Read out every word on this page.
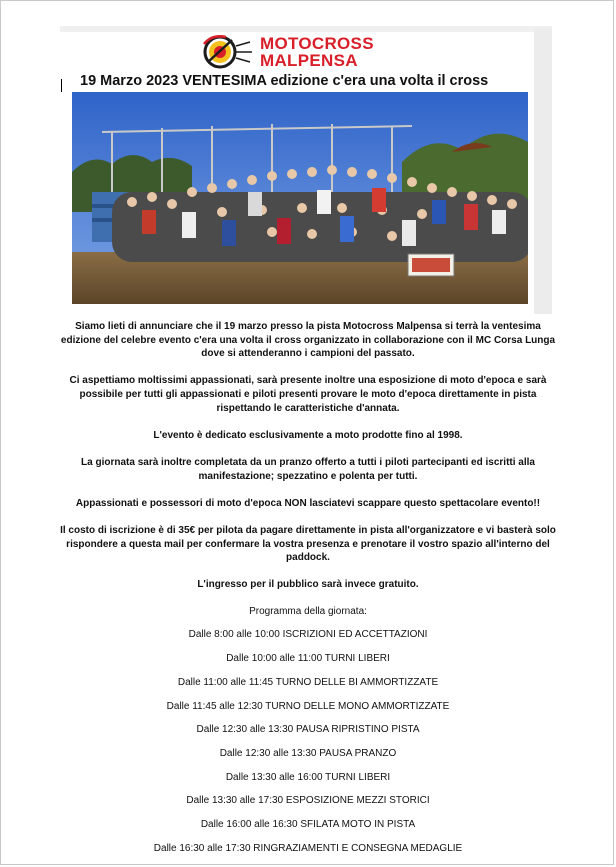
MOTOCROSS
MALPENSA
19 Marzo 2023 VENTESIMA edizione c'era una volta il cross

Siamo lieti di annunciare che il 19 marzo presso la pista Motocross Malpensa si terrà la ventesima edizione del celebre evento c'era una volta il cross organizzato in collaborazione con il MC Corsa Lunga dove si attenderanno i campioni del passato.

Ci aspettiamo moltissimi appassionati, sarà presente inoltre una esposizione di moto d'epoca e sarà possibile per tutti gli appassionati e piloti presenti provare le moto d'epoca direttamente in pista rispettando le caratteristiche d'annata.

L'evento è dedicato esclusivamente a moto prodotte fino al 1998.

La giornata sarà inoltre completata da un pranzo offerto a tutti i piloti partecipanti ed iscritti alla manifestazione; spezzatino e polenta per tutti.

Appassionati e possessori di moto d'epoca NON lasciatevi scappare questo spettacolare evento!!

Il costo di iscrizione è di 35€ per pilota da pagare direttamente in pista all'organizzatore e vi basterà solo rispondere a questa mail per confermare la vostra presenza e prenotare il vostro spazio all'interno del paddock.

L'ingresso per il pubblico sarà invece gratuito.

Programma della giornata:
Dalle 8:00 alle 10:00 ISCRIZIONI ED ACCETTAZIONI
Dalle 10:00 alle 11:00 TURNI LIBERI
Dalle 11:00 alle 11:45 TURNO DELLE BI AMMORTIZZATE
Dalle 11:45 alle 12:30 TURNO DELLE MONO AMMORTIZZATE
Dalle 12:30 alle 13:30 PAUSA RIPRISTINO PISTA
Dalle 12:30 alle 13:30 PAUSA PRANZO
Dalle 13:30 alle 16:00 TURNI LIBERI
Dalle 13:30 alle 17:30 ESPOSIZIONE MEZZI STORICI
Dalle 16:00 alle 16:30 SFILATA MOTO IN PISTA
Dalle 16:30 alle 17:30 RINGRAZIAMENTI E CONSEGNA MEDAGLIE
